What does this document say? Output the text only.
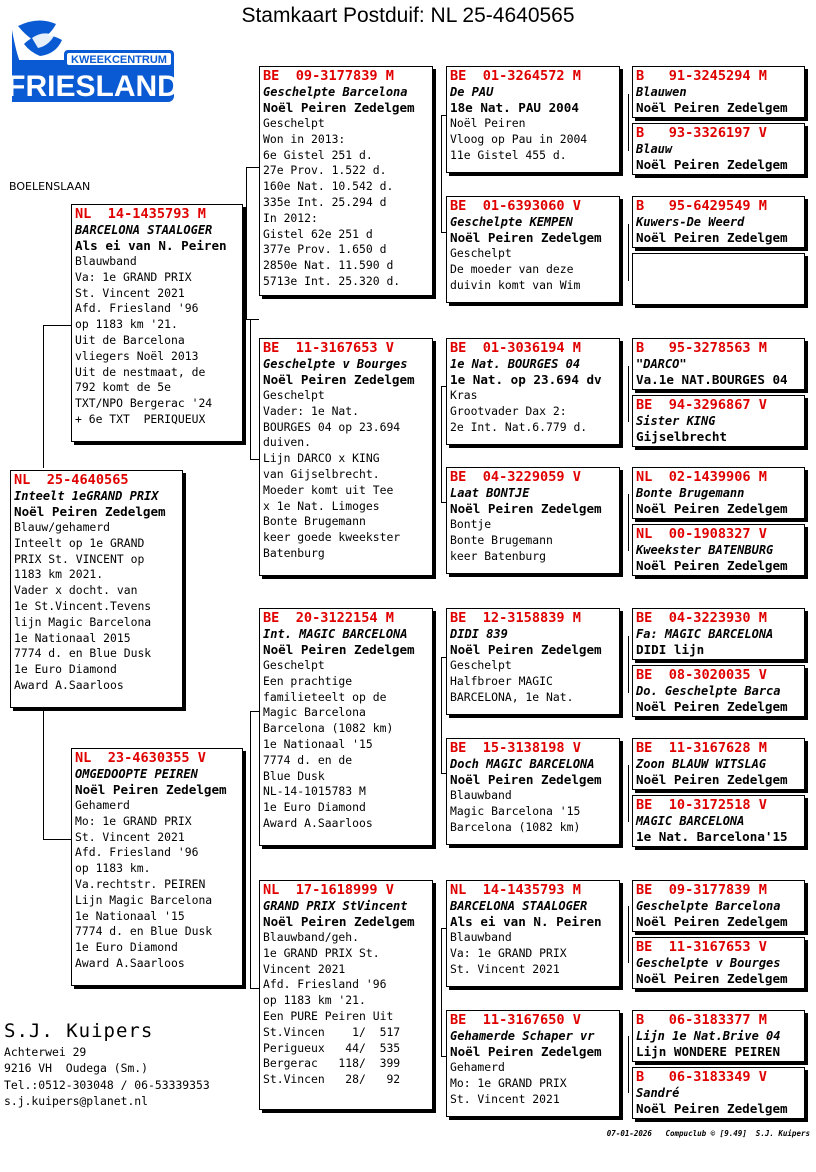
Stamkaart Postduif: NL 25-4640565
KWEEKCENTRUM
FRIESLAND
BOELENSLAAN
NL  25-4640565
Inteelt 1eGRAND PRIX
Noël Peiren Zedelgem
Blauw/gehamerd
Inteelt op 1e GRAND
PRIX St. VINCENT op
1183 km 2021.
Vader x docht. van
1e St.Vincent.Tevens
lijn Magic Barcelona
1e Nationaal 2015
7774 d. en Blue Dusk
1e Euro Diamond
Award A.Saarloos
NL  14-1435793 M
BARCELONA STAALOGER
Als ei van N. Peiren
Blauwband
Va: 1e GRAND PRIX
St. Vincent 2021
Afd. Friesland '96
op 1183 km '21.
Uit de Barcelona
vliegers Noël 2013
Uit de nestmaat, de
792 komt de 5e
TXT/NPO Bergerac '24
+ 6e TXT  PERIQUEUX
NL  23-4630355 V
OMGEDOOPTE PEIREN
Noël Peiren Zedelgem
Gehamerd
Mo: 1e GRAND PRIX
St. Vincent 2021
Afd. Friesland '96
op 1183 km.
Va.rechtstr. PEIREN
Lijn Magic Barcelona
1e Nationaal '15
7774 d. en Blue Dusk
1e Euro Diamond
Award A.Saarloos
BE  09-3177839 M
Geschelpte Barcelona
Noël Peiren Zedelgem
Geschelpt
Won in 2013:
6e Gistel 251 d.
27e Prov. 1.522 d.
160e Nat. 10.542 d.
335e Int. 25.294 d
In 2012:
Gistel 62e 251 d
377e Prov. 1.650 d
2850e Nat. 11.590 d
5713e Int. 25.320 d.
BE  11-3167653 V
Geschelpte v Bourges
Noël Peiren Zedelgem
Geschelpt
Vader: 1e Nat.
BOURGES 04 op 23.694
duiven.
Lijn DARCO x KING
van Gijselbrecht.
Moeder komt uit Tee
x 1e Nat. Limoges
Bonte Brugemann
keer goede kweekster
Batenburg
BE  20-3122154 M
Int. MAGIC BARCELONA
Noël Peiren Zedelgem
Geschelpt
Een prachtige
familieteelt op de
Magic Barcelona
Barcelona (1082 km)
1e Nationaal '15
7774 d. en de
Blue Dusk
NL-14-1015783 M
1e Euro Diamond
Award A.Saarloos
NL  17-1618999 V
GRAND PRIX StVincent
Noël Peiren Zedelgem
Blauwband/geh.
1e GRAND PRIX St.
Vincent 2021
Afd. Friesland '96
op 1183 km '21.
Een PURE Peiren Uit
St.Vincen    1/  517
Perigueux   44/  535
Bergerac   118/  399
St.Vincen   28/   92
BE  01-3264572 M
De PAU
18e Nat. PAU 2004
Noël Peiren
Vloog op Pau in 2004
11e Gistel 455 d.
BE  01-6393060 V
Geschelpte KEMPEN
Noël Peiren Zedelgem
Geschelpt
De moeder van deze
duivin komt van Wim
BE  01-3036194 M
1e Nat. BOURGES 04
1e Nat. op 23.694 dv
Kras
Grootvader Dax 2:
2e Int. Nat.6.779 d.
BE  04-3229059 V
Laat BONTJE
Noël Peiren Zedelgem
Bontje
Bonte Brugemann
keer Batenburg
BE  12-3158839 M
DIDI 839
Noël Peiren Zedelgem
Geschelpt
Halfbroer MAGIC
BARCELONA, 1e Nat.
BE  15-3138198 V
Doch MAGIC BARCELONA
Noël Peiren Zedelgem
Blauwband
Magic Barcelona '15
Barcelona (1082 km)
NL  14-1435793 M
BARCELONA STAALOGER
Als ei van N. Peiren
Blauwband
Va: 1e GRAND PRIX
St. Vincent 2021
BE  11-3167650 V
Gehamerde Schaper vr
Noël Peiren Zedelgem
Gehamerd
Mo: 1e GRAND PRIX
St. Vincent 2021
B   91-3245294 M
Blauwen
Noël Peiren Zedelgem
B   93-3326197 V
Blauw
Noël Peiren Zedelgem
B   95-6429549 M
Kuwers-De Weerd
Noël Peiren Zedelgem
B   95-3278563 M
"DARCO"
Va.1e NAT.BOURGES 04
BE  94-3296867 V
Sister KING
Gijselbrecht
NL  02-1439906 M
Bonte Brugemann
Noël Peiren Zedelgem
NL  00-1908327 V
Kweekster BATENBURG
Noël Peiren Zedelgem
BE  04-3223930 M
Fa: MAGIC BARCELONA
DIDI lijn
BE  08-3020035 V
Do. Geschelpte Barca
Noël Peiren Zedelgem
BE  11-3167628 M
Zoon BLAUW WITSLAG
Noël Peiren Zedelgem
BE  10-3172518 V
MAGIC BARCELONA
1e Nat. Barcelona'15
BE  09-3177839 M
Geschelpte Barcelona
Noël Peiren Zedelgem
BE  11-3167653 V
Geschelpte v Bourges
Noël Peiren Zedelgem
B   06-3183377 M
Lijn 1e Nat.Brive 04
Lijn WONDERE PEIREN
B   06-3183349 V
Sandré
Noël Peiren Zedelgem
S.J. Kuipers
Achterwei 29
9216 VH  Oudega (Sm.)
Tel.:0512-303048 / 06-53339353
s.j.kuipers@planet.nl
07-01-2026   Compuclub © [9.49]  S.J. Kuipers
